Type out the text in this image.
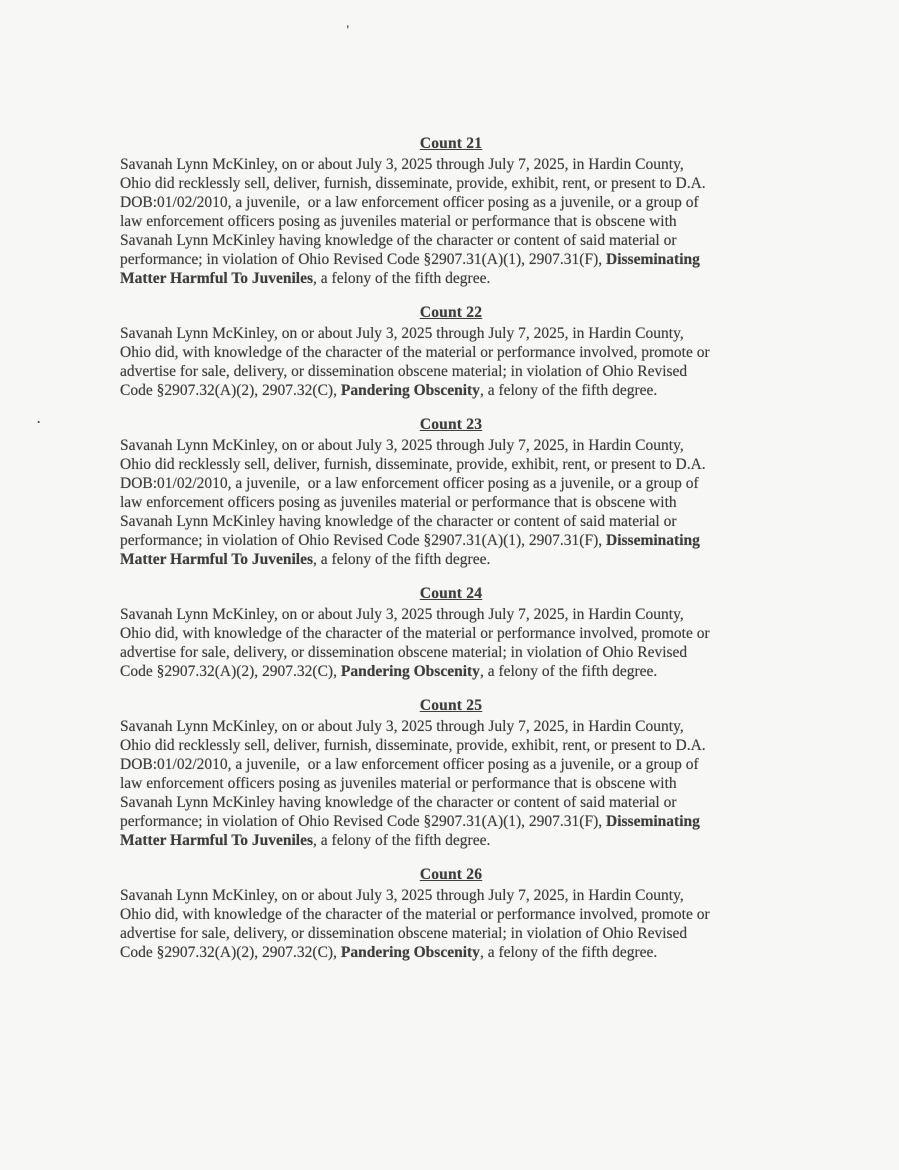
Count 21
Savanah Lynn McKinley, on or about July 3, 2025 through July 7, 2025, in Hardin County,
Ohio did recklessly sell, deliver, furnish, disseminate, provide, exhibit, rent, or present to D.A.
DOB:01/02/2010, a juvenile,  or a law enforcement officer posing as a juvenile, or a group of
law enforcement officers posing as juveniles material or performance that is obscene with
Savanah Lynn McKinley having knowledge of the character or content of said material or
performance; in violation of Ohio Revised Code §2907.31(A)(1), 2907.31(F), Disseminating
Matter Harmful To Juveniles, a felony of the fifth degree.
Count 22
Savanah Lynn McKinley, on or about July 3, 2025 through July 7, 2025, in Hardin County,
Ohio did, with knowledge of the character of the material or performance involved, promote or
advertise for sale, delivery, or dissemination obscene material; in violation of Ohio Revised
Code §2907.32(A)(2), 2907.32(C), Pandering Obscenity, a felony of the fifth degree.
Count 23
Savanah Lynn McKinley, on or about July 3, 2025 through July 7, 2025, in Hardin County,
Ohio did recklessly sell, deliver, furnish, disseminate, provide, exhibit, rent, or present to D.A.
DOB:01/02/2010, a juvenile,  or a law enforcement officer posing as a juvenile, or a group of
law enforcement officers posing as juveniles material or performance that is obscene with
Savanah Lynn McKinley having knowledge of the character or content of said material or
performance; in violation of Ohio Revised Code §2907.31(A)(1), 2907.31(F), Disseminating
Matter Harmful To Juveniles, a felony of the fifth degree.
Count 24
Savanah Lynn McKinley, on or about July 3, 2025 through July 7, 2025, in Hardin County,
Ohio did, with knowledge of the character of the material or performance involved, promote or
advertise for sale, delivery, or dissemination obscene material; in violation of Ohio Revised
Code §2907.32(A)(2), 2907.32(C), Pandering Obscenity, a felony of the fifth degree.
Count 25
Savanah Lynn McKinley, on or about July 3, 2025 through July 7, 2025, in Hardin County,
Ohio did recklessly sell, deliver, furnish, disseminate, provide, exhibit, rent, or present to D.A.
DOB:01/02/2010, a juvenile,  or a law enforcement officer posing as a juvenile, or a group of
law enforcement officers posing as juveniles material or performance that is obscene with
Savanah Lynn McKinley having knowledge of the character or content of said material or
performance; in violation of Ohio Revised Code §2907.31(A)(1), 2907.31(F), Disseminating
Matter Harmful To Juveniles, a felony of the fifth degree.
Count 26
Savanah Lynn McKinley, on or about July 3, 2025 through July 7, 2025, in Hardin County,
Ohio did, with knowledge of the character of the material or performance involved, promote or
advertise for sale, delivery, or dissemination obscene material; in violation of Ohio Revised
Code §2907.32(A)(2), 2907.32(C), Pandering Obscenity, a felony of the fifth degree.
'
.
